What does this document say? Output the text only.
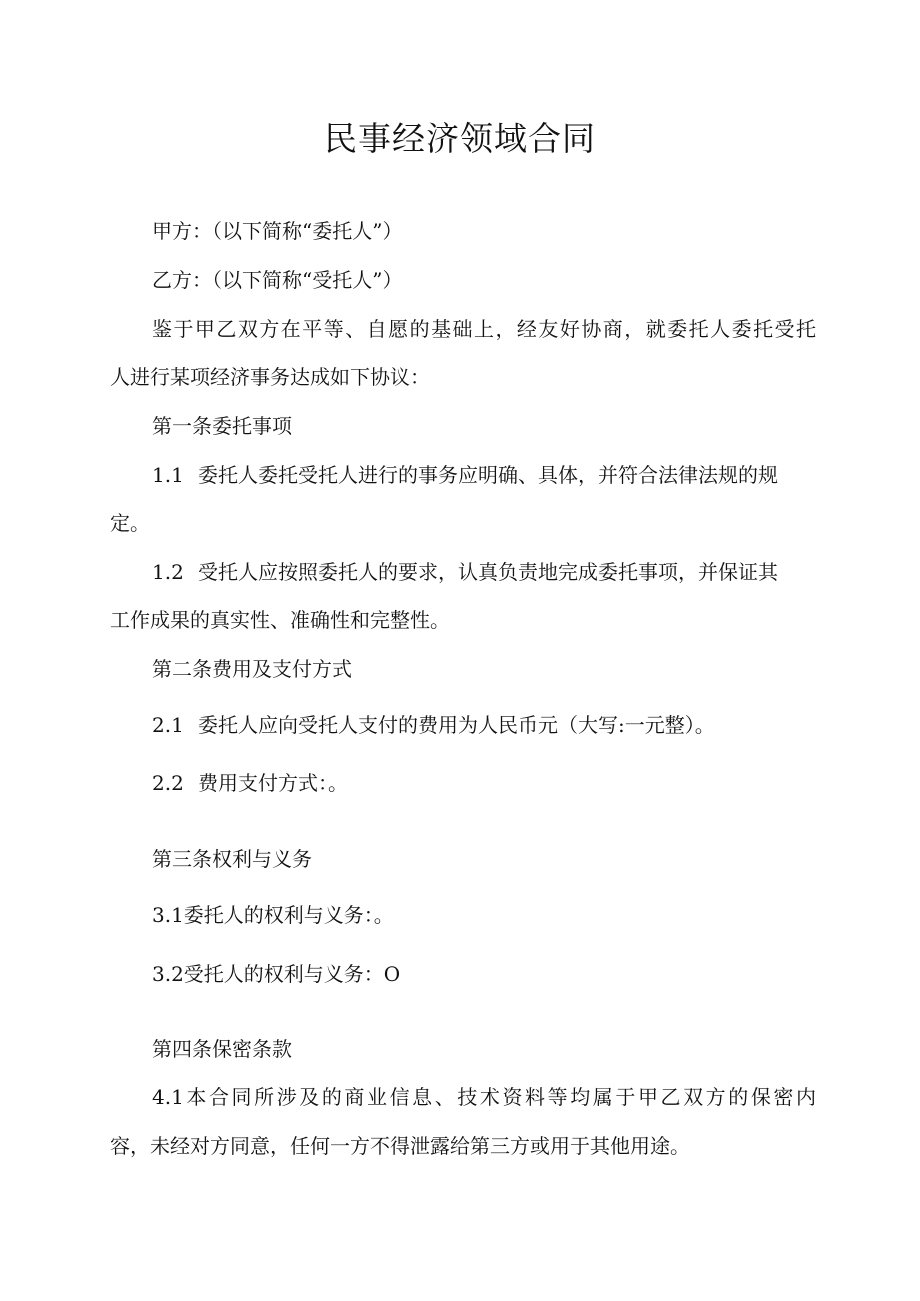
民事经济领域合同

甲方：（以下简称“委托人”）

乙方：（以下简称“受托人”）

鉴于甲乙双方在平等、自愿的基础上，经友好协商，就委托人委托受托

人进行某项经济事务达成如下协议：

第一条委托事项

1.1 委托人委托受托人进行的事务应明确、具体，并符合法律法规的规

定。

1.2 受托人应按照委托人的要求，认真负责地完成委托事项，并保证其

工作成果的真实性、准确性和完整性。

第二条费用及支付方式

2.1 委托人应向受托人支付的费用为人民币元（大写:一元整）。

2.2 费用支付方式：。

第三条权利与义务

3.1委托人的权利与义务：。

3.2受托人的权利与义务：O

第四条保密条款

4.1本合同所涉及的商业信息、技术资料等均属于甲乙双方的保密内

容，未经对方同意，任何一方不得泄露给第三方或用于其他用途。
